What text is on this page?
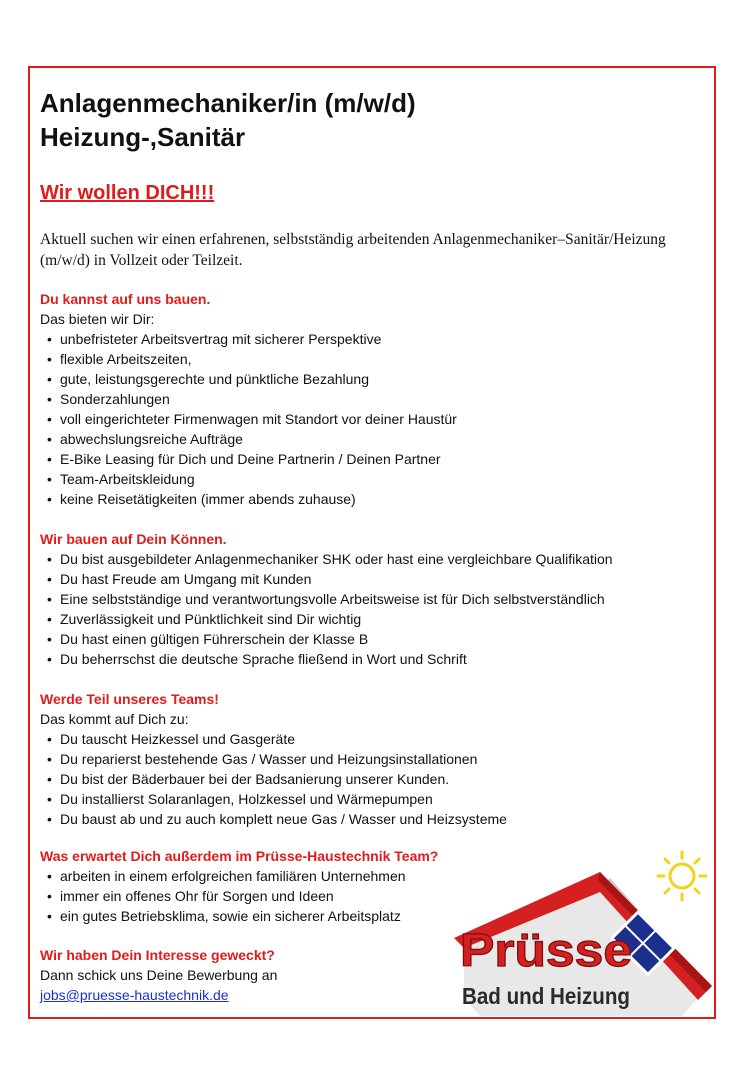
Anlagenmechaniker/in (m/w/d)
Heizung-,Sanitär

Wir wollen DICH!!!

Aktuell suchen wir einen erfahrenen, selbstständig arbeitenden Anlagenmechaniker–Sanitär/Heizung (m/w/d) in Vollzeit oder Teilzeit.

Du kannst auf uns bauen.

Das bieten wir Dir:

• unbefristeter Arbeitsvertrag mit sicherer Perspektive
• flexible Arbeitszeiten,
• gute, leistungsgerechte und pünktliche Bezahlung
• Sonderzahlungen
• voll eingerichteter Firmenwagen mit Standort vor deiner Haustür
• abwechslungsreiche Aufträge
• E-Bike Leasing für Dich und Deine Partnerin / Deinen Partner
• Team-Arbeitskleidung
• keine Reisetätigkeiten (immer abends zuhause)

Wir bauen auf Dein Können.

• Du bist ausgebildeter Anlagenmechaniker SHK oder hast eine vergleichbare Qualifikation
• Du hast Freude am Umgang mit Kunden
• Eine selbstständige und verantwortungsvolle Arbeitsweise ist für Dich selbstverständlich
• Zuverlässigkeit und Pünktlichkeit sind Dir wichtig
• Du hast einen gültigen Führerschein der Klasse B
• Du beherrschst die deutsche Sprache fließend in Wort und Schrift

Werde Teil unseres Teams!

Das kommt auf Dich zu:

• Du tauscht Heizkessel und Gasgeräte
• Du reparierst bestehende Gas / Wasser und Heizungsinstallationen
• Du bist der Bäderbauer bei der Badsanierung unserer Kunden.
• Du installierst Solaranlagen, Holzkessel und Wärmepumpen
• Du baust ab und zu auch komplett neue Gas / Wasser und Heizsysteme

Was erwartet Dich außerdem im Prüsse-Haustechnik Team?

• arbeiten in einem erfolgreichen familiären Unternehmen
• immer ein offenes Ohr für Sorgen und Ideen
• ein gutes Betriebsklima, sowie ein sicherer Arbeitsplatz

Wir haben Dein Interesse geweckt?

Dann schick uns Deine Bewerbung an

jobs@pruesse-haustechnik.de

Prüsse
Bad und Heizung
